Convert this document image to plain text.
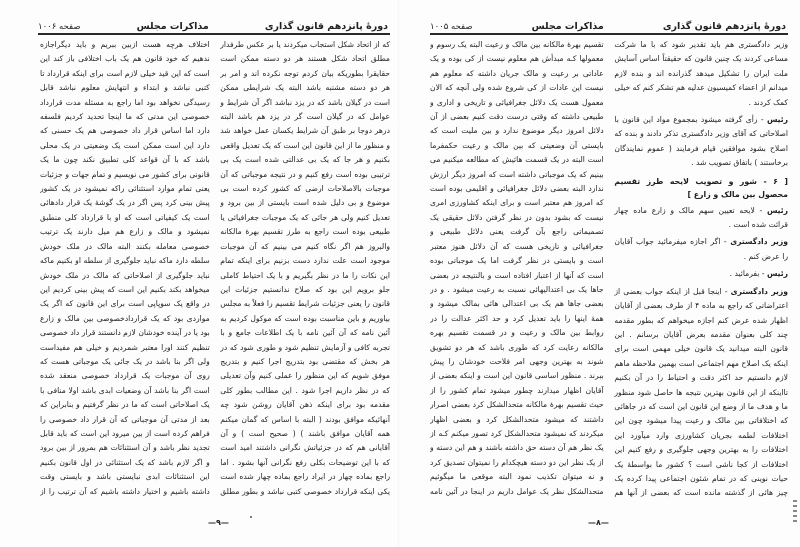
دورهٔ پانزدهم قانون گذاری
مذاکرات مجلس
صفحه ۱۰۰۶

که از اتحاد شکل استجاب میکردند یا بر عکس طرفدار مطلق اتحاد شکل هستند هر دو دسته ممکن است حقایقرا بطوریکه بیان کردم توجه نکرده اند و امر بر هر دو دسته مشتبه باشد البته یک شرایطی ممکن است در گیلان باشد که در یزد نباشد اگر آن شرایط و عوامل که در گیلان است گر در یزد هم باشد البته درهر دوجا بر طبق آن شرایط یکسان عمل خواهد شد و منظور ما از این قانون این است که یک تعدیل واقعی بکنیم و هر جا که یک بی عدالتی شده است یک بی ترتیبی بوده است رفع کنیم و در نتیجه موجباتی که آن موجبات بالاصلاحات ارضی که کشور کرده است بی موضوع و بی دلیل شده است بایستی از بین برود و تعدیل کنیم ولی هر جائی که یک موجبات جغرافیائی یا طبیعی بوده است راجع به طرز تقسیم بهرهٔ مالکانه والبروز هم اگر نگاه کنیم می بینیم که آن موجبات موجود است علت ندارد دست بزنیم برای اینکه تمام این نکات را ما در نظر بگیریم و با یک احتیاط کاملی جلو برویم این بود که صلاح ندانستیم جزئیات این قانون را یعنی جزئیات شرایط تقسیم را فعلاً به مجلس بیاوریم و باین مناسبت بوده است که موکول کردیم به آئین نامه که آن آئین نامه با یک اطلاعات جامع و با تجربه کافی و آزمایش تنظیم شود و طوری شود که در هر بخش که مقتضی بود بتدریج اجرا کنیم و بتدریج موفق شویم که این منظور را عملی کنیم وآن تعدیلی که در نظر داریم اجرا شود . این مطالب بطور کلی مقدمه بود برای اینکه ذهن آقایان روشن شود چه آنهائیکه موافق بودند ( البته با اساس که گمان میکنم همه آقایان موافق باشند ) ( صحیح است ) و آن آقایانی هم که در جزئیاتش نگرانی داشتند امید است که با این توضیحات بکلی رفع نگرانی آنها بشود . اما راجع بماده چهار در ایراد راجع بماده چهار شده است یکی اینکه قرارداد خصوصی کتبی نباشد و بطور مطلق

اختلاف هرچه هست ازبین ببریم و باید دیگراجازه ندهیم که خود قانون هم یک باب اختلافی باز کند این است که این قید خیلی لازم است برای اینکه قرارداد تا کتبی نباشد و ابتداء و انتهایش معلوم نباشد قابل رسیدگی نخواهد بود اما راجع به مسئله مدت قرارداد خصوصی این مدتی که ما اینجا تحدید کردیم فلسفه دارد اما اساس قرار داد خصوصی هم یک حسنی که دارد این است ممکن است یک وضعیتی در یک محلی باشد که با آن قواعد کلی تطبیق نکند چون ما یک قانونی برای کشور می نویسیم و تمام جهات و جزئیات یعنی تمام موارد استثنائی راکه نمیشود در یک کشور پیش بینی کرد پس اگر در یک گوشهٔ یک قرار دادهائی است یک کیفیاتی است که او با قرارداد کلی منطبق نمیشود و مالک و زارع هم میل دارند یک ترتیب خصوصی معامله بکنند البته مالک در ملک خودش سلطه دارد ماکه نباید جلوگیری از سلطه او بکنیم ماکه نباید جلوگیری از اصلاحاتی که مالک در ملک خودش میخواهد بکند بکنیم این است که پیش بینی کردیم این در واقع یک سوپاپی است برای این قانون که اگر یک مواردی بود که یک قراردادخصوصی بین مالک و زارع بود یا در آینده خودشان لازم دانستند قرار داد خصوصی تنظیم کنند اورا معتبر شمردیم و خیلی هم مفیداست ولی اگر بنا باشد در یک جائی یک موجباتی هست که روی آن موجبات یک قرارداد خصوصی منعقد شده است اگر بنا باشد آن وضعیات ابدی باشد اولا منافی با یک اصلاحاتی است که ما در نظر گرفتیم و بنابراین که بعد از مدتی آن موجباتی که آن قرار داد خصوصی را فراهم کرده است از بین میرود این است که باید قابل تجدید نظر باشد و آن استثنائات هم بمرور از بین برود و اگر لازم باشد که یک استثنائی در اول قانون بکنیم این استثنائات ابدی نبایستی باشد و بایستی وقت داشته باشیم و اختیار داشته باشیم که آن ترتیب را از

—۹—
دورهٔ پانزدهم قانون گذاری
مذاکرات مجلس
صفحه ۱۰۰۵

وزیر دادگستری هم باید تقدیر شود که با ما شرکت مساعی کردند یک چنین قانون که حقیقتاً اساس آسایش ملت ایران را تشکیل میدهد گذرانده اند و بنده لازم میدانم از اعضاء کمیسیون عدلیه هم تشکر کنم که خیلی کمک کردند .

رئیس - رأی گرفته میشود بمجموع مواد این قانون با اصلاحاتی که آقای وزیر دادگستری تذکر دادند و بنده که اصلاح بشود موافقین قیام فرمایند ( عموم نمایندگان برخاستند ) باتفاق تصویب شد .

[ ۶ - شور و تصویب لایحه طرز تقسیم محصول بین مالک و زارع ]

رئیس - لایحه تعیین سهم مالک و زارع ماده چهار قرائت شده است .

وزیر دادگستری - اگر اجازه میفرمائید جواب آقایان را عرض کنم .

رئیس - بفرمائید .

وزیر دادگستری - اینجا قبل از اینکه جواب بعضی از اعتراضاتی که راجع به ماده ۴ از طرف بعضی از آقایان اظهار شده عرض کنم اجازه میخواهم که بطور مقدمه چند کلی بعنوان مقدمه بعرض آقایان برسانم . این قانون البته میدانید یک قانون خیلی مهمی است برای اینکه یک اصلاح مهم اجتماعی است بهمین ملاحظه ماهم لازم دانستیم حد اکثر دقت و احتیاط را در آن بکنیم تااینکه از این قانون بهترین نتیجه ها حاصل شود منظور ما و هدف ما از وضع این قانون این است که در جاهائی که اختلافاتی بین مالک و رعیت پیدا میشود چون این اختلافات لطمه بجریان کشاورزی وارد میآورد این اختلافات را به بهترین وجهی جلوگیری و رفع کنیم این اختلافات از کجا ناشی است ؟ کشور ما بواسطهٔ یک حیات نوینی که در تمام شئون اجتماعی پیدا کرده یک چیز هائی از گذشته مانده است که بعضی از آنها هم

تقسیم بهرهٔ مالکانه بین مالک و رعیت البته یک رسوم و معمولها کـه مبدأش هم معلوم نیست از کی بوده و یک عاداتی بر رعیت و مالک جریان داشته که معلوم هم نیست این عادات از کی شروع شده ولی آنچه که الان معمول هست یک دلائل جغرافیائی و تاریخی و اداری و طبیعی داشته که وقتی درست دقت کنیم بعضی از آن دلائل امروز دیگر موضوع ندارد و بین ملیت است که بایستی آن وضعیتی که بین مالک و رعیت حکمفرما است البته در یک قسمت هائیش که مطالعه میکنیم می بینیم که یک موجباتی داشته است که امروز دیگر ارزش ندارد البته بعضی دلائل جغرافیائی و اقلیمی بوده است که امروز هم معتبر است و برای اینکه کشاورزی امری نیست که بشود بدون در نظر گرفتن دلائل حقیقی یک تصمیماتی راجع بآن گرفت یعنی دلائل طبیعی و جغرافیائی و تاریخی هست که آن دلائل هنوز معتبر است و بایستی در نظر گرفت اما یک موجباتی بوده است که آنها از اعتبار افتاده است و بالنتیجه در بعضی جاها یک بی اعتدالیهائی نسبت به رعیت میشود . و در بعضی جاها هم یک بی اعتدالی هائی بمالک میشود و همهٔ اینها را باید تعدیل کرد و حد اکثر عدالت را در روابط بین مالک و رعیت و در قسمت تقسیم بهره مالکانه رعایت کرد که طوری باشد که هر دو تشویق شوند به بهترین وجهی امر فلاحت خودشان را پیش ببرند . منظور اساسی قانون این است و اینکه بعضی از آقایان اظهار میدارند چطور میشود تمام کشور را از حیث تقسیم بهرهٔ مالکانه متحدالشکل کرد بعضی اصرار داشتند که میشود متحدالشکل کرد و بعضی اظهار میکردند که نمیشود متحدالشکل کرد تصور میکنم کـه از یک نظر هم آن دسته حق داشته باشند و هم این دسته و از یک نظر این دو دسته هیچکدام را نمیتوان تصدیق کرد و نه میتوان تکذیب نمود البته موقعی ما میگوئیم متحدالشکل نظر یک عوامل داریم در اینجا در آئین نامه

—۸—
